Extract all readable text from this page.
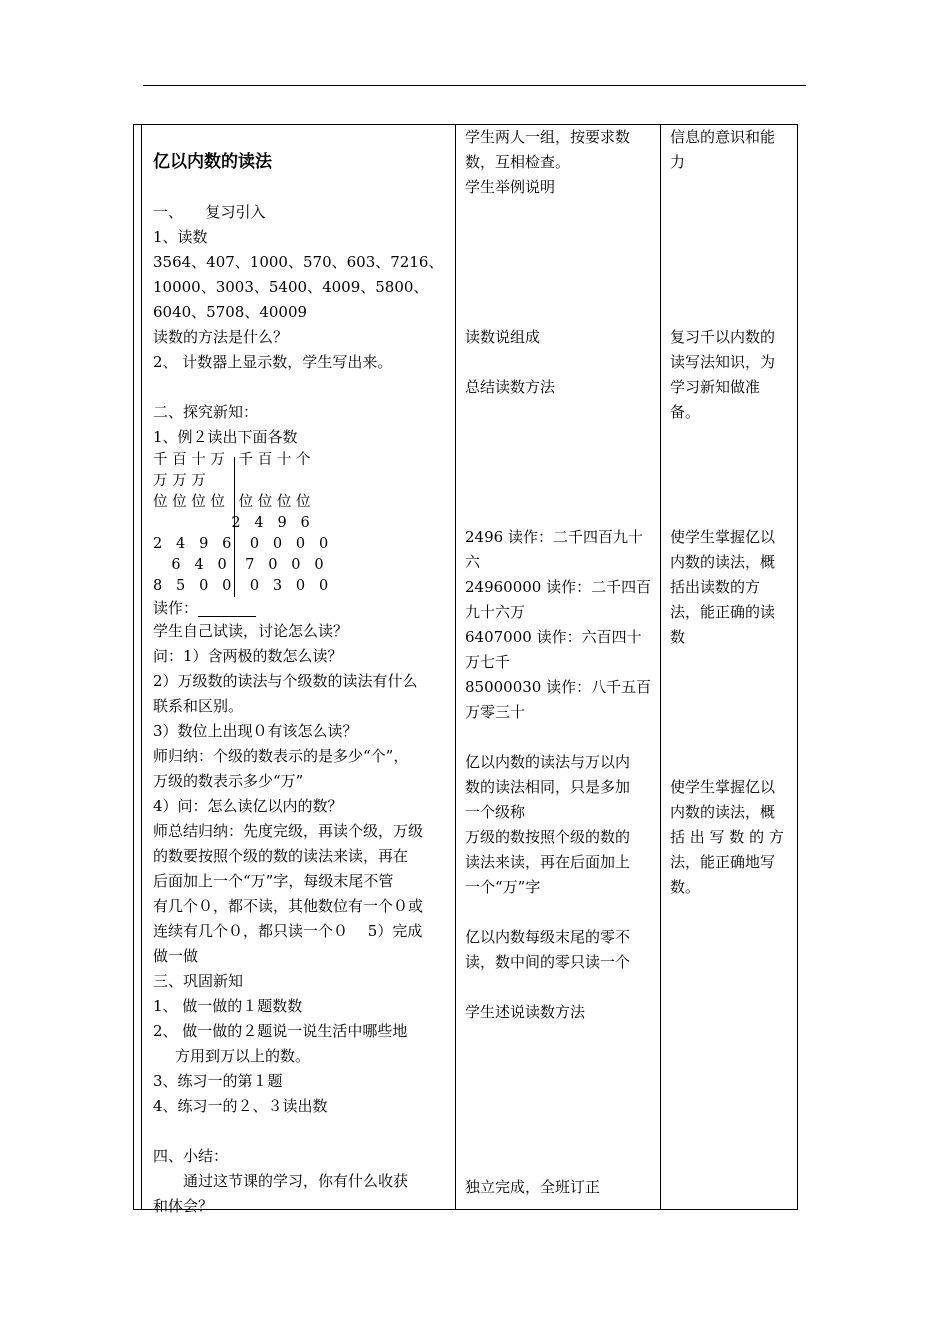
亿以内数的读法
一、　　复习引入
1、读数
3564、407、1000、570、603、7216、
10000、3003、5400、4009、5800、
6040、5708、40009
读数的方法是什么？
2、 计数器上显示数，学生写出来。
二、探究新知：
1、例２读出下面各数
千 百 十 万   千 百 十 个
万 万 万
位 位 位 位   位 位 位 位
2   4   9   6
2   4   9   6    0   0   0   0
6   4   0    7   0   0   0
8   5   0   0    0   3   0   0
读作：
学生自己试读，讨论怎么读？
问：1）含两极的数怎么读？
2）万级数的读法与个级数的读法有什么
联系和区别。
3）数位上出现０有该怎么读？
师归纳：个级的数表示的是多少“个”，
万级的数表示多少“万”
4）问：怎么读亿以内的数？
师总结归纳：先度完级，再读个级，万级
的数要按照个级的数的读法来读，再在
后面加上一个“万”字，每级末尾不管
有几个０，都不读，其他数位有一个０或
连续有几个０，都只读一个０　 5）完成
做一做
三、巩固新知
1、 做一做的１题数数
2、 做一做的２题说一说生活中哪些地
方用到万以上的数。
3、练习一的第１题
4、练习一的２、３读出数
四、小结：
通过这节课的学习，你有什么收获
和体会？
学生两人一组，按要求数
数，互相检查。
学生举例说明
读数说组成
总结读数方法
2496 读作：二千四百九十
六
24960000 读作：二千四百
九十六万
6407000 读作：六百四十
万七千
85000030 读作：八千五百
万零三十
亿以内数的读法与万以内
数的读法相同，只是多加
一个级称
万级的数按照个级的数的
读法来读，再在后面加上
一个“万”字
亿以内数每级末尾的零不
读，数中间的零只读一个
学生述说读数方法
独立完成，全班订正
信息的意识和能
力
复习千以内数的
读写法知识，为
学习新知做准
备。
使学生掌握亿以
内数的读法，概
括出读数的方
法，能正确的读
数
使学生掌握亿以
内数的读法，概
括 出 写 数 的 方
法，能正确地写
数。
